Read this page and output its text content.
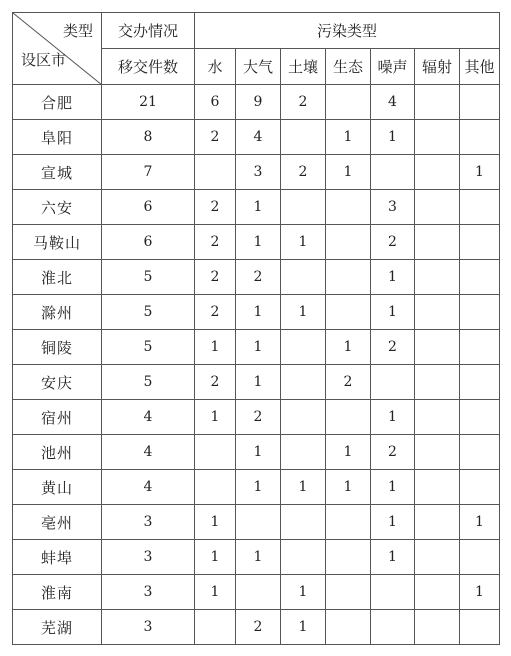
类型
设区市	交办情况	污染类型						
	移交件数	水	大气	土壤	生态	噪声	辐射	其他
合肥	21	6	9	2		4		
阜阳	8	2	4		1	1		
宣城	7		3	2	1			1
六安	6	2	1			3		
马鞍山	6	2	1	1		2		
淮北	5	2	2			1		
滁州	5	2	1	1		1		
铜陵	5	1	1		1	2		
安庆	5	2	1		2			
宿州	4	1	2			1		
池州	4		1		1	2		
黄山	4		1	1	1	1		
亳州	3	1				1		1
蚌埠	3	1	1			1		
淮南	3	1		1				1
芜湖	3		2	1				
